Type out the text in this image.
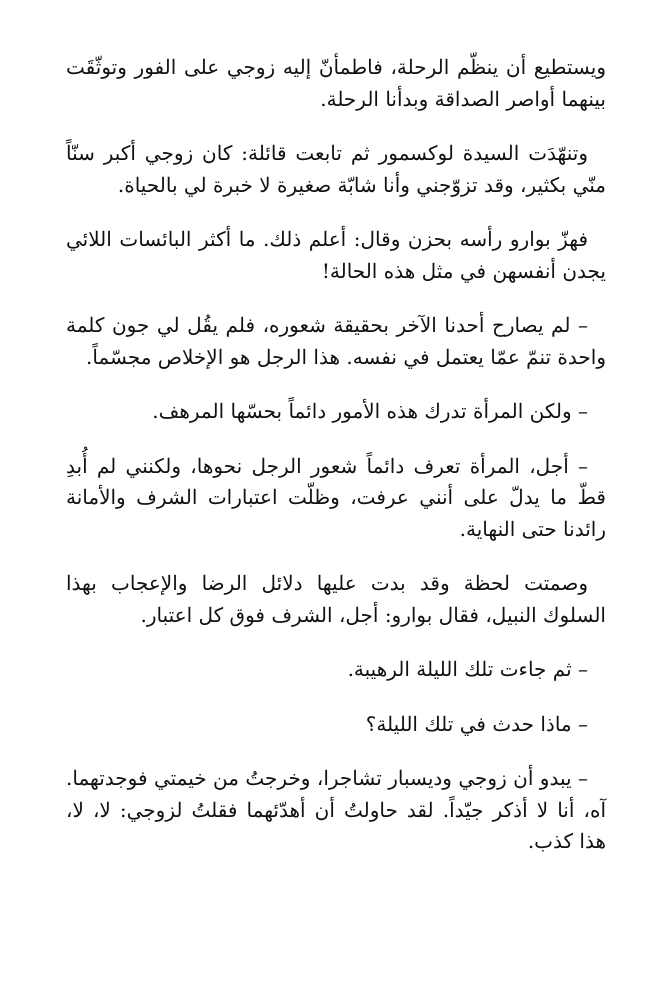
ويستطيع أن ينظّم الرحلة، فاطمأنّ إليه زوجي على الفور وتوثّقَت بينهما أواصر الصداقة وبدأنا الرحلة.

وتنهّدَت السيدة لوكسمور ثم تابعت قائلة: كان زوجي أكبر سنّاً منّي بكثير، وقد تزوّجني وأنا شابّة صغيرة لا خبرة لي بالحياة.

فهزّ بوارو رأسه بحزن وقال: أعلم ذلك. ما أكثر البائسات اللائي يجدن أنفسهن في مثل هذه الحالة!

– لم يصارح أحدنا الآخر بحقيقة شعوره، فلم يقُل لي جون كلمة واحدة تنمّ عمّا يعتمل في نفسه. هذا الرجل هو الإخلاص مجسّماً.

– ولكن المرأة تدرك هذه الأمور دائماً بحسّها المرهف.

– أجل، المرأة تعرف دائماً شعور الرجل نحوها، ولكنني لم أُبدِ قطّ ما يدلّ على أنني عرفت، وظلّت اعتبارات الشرف والأمانة رائدنا حتى النهاية.

وصمتت لحظة وقد بدت عليها دلائل الرضا والإعجاب بهذا السلوك النبيل، فقال بوارو: أجل، الشرف فوق كل اعتبار.

– ثم جاءت تلك الليلة الرهيبة.

– ماذا حدث في تلك الليلة؟

– يبدو أن زوجي وديسبار تشاجرا، وخرجتُ من خيمتي فوجدتهما. آه، أنا لا أذكر جيّداً. لقد حاولتُ أن أهدّئهما فقلتُ لزوجي: لا، لا، هذا كذب.
